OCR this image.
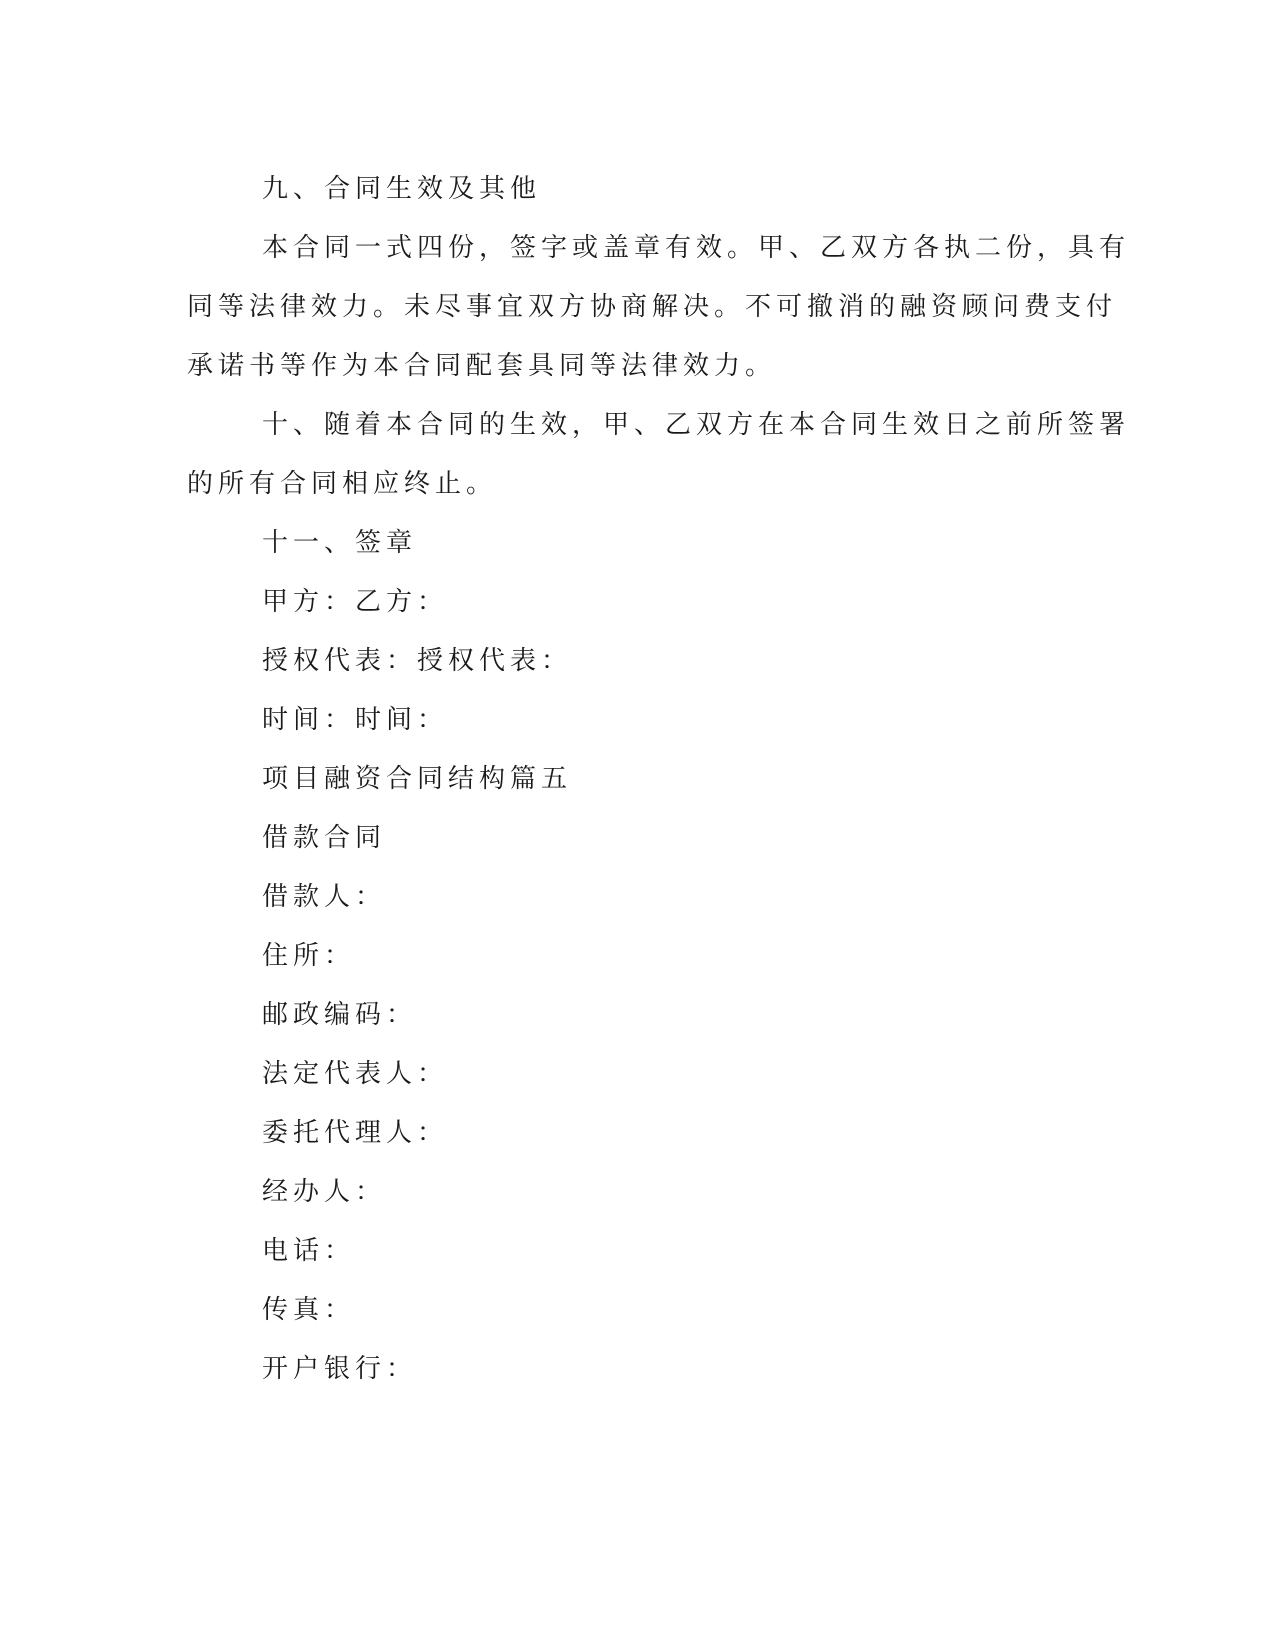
九、合同生效及其他
本合同一式四份，签字或盖章有效。甲、乙双方各执二份，具有
同等法律效力。未尽事宜双方协商解决。不可撤消的融资顾问费支付
承诺书等作为本合同配套具同等法律效力。
十、随着本合同的生效，甲、乙双方在本合同生效日之前所签署
的所有合同相应终止。
十一、签章
甲方：乙方：
授权代表：授权代表：
时间：时间：
项目融资合同结构篇五
借款合同
借款人：
住所：
邮政编码：
法定代表人：
委托代理人：
经办人：
电话：
传真：
开户银行：
